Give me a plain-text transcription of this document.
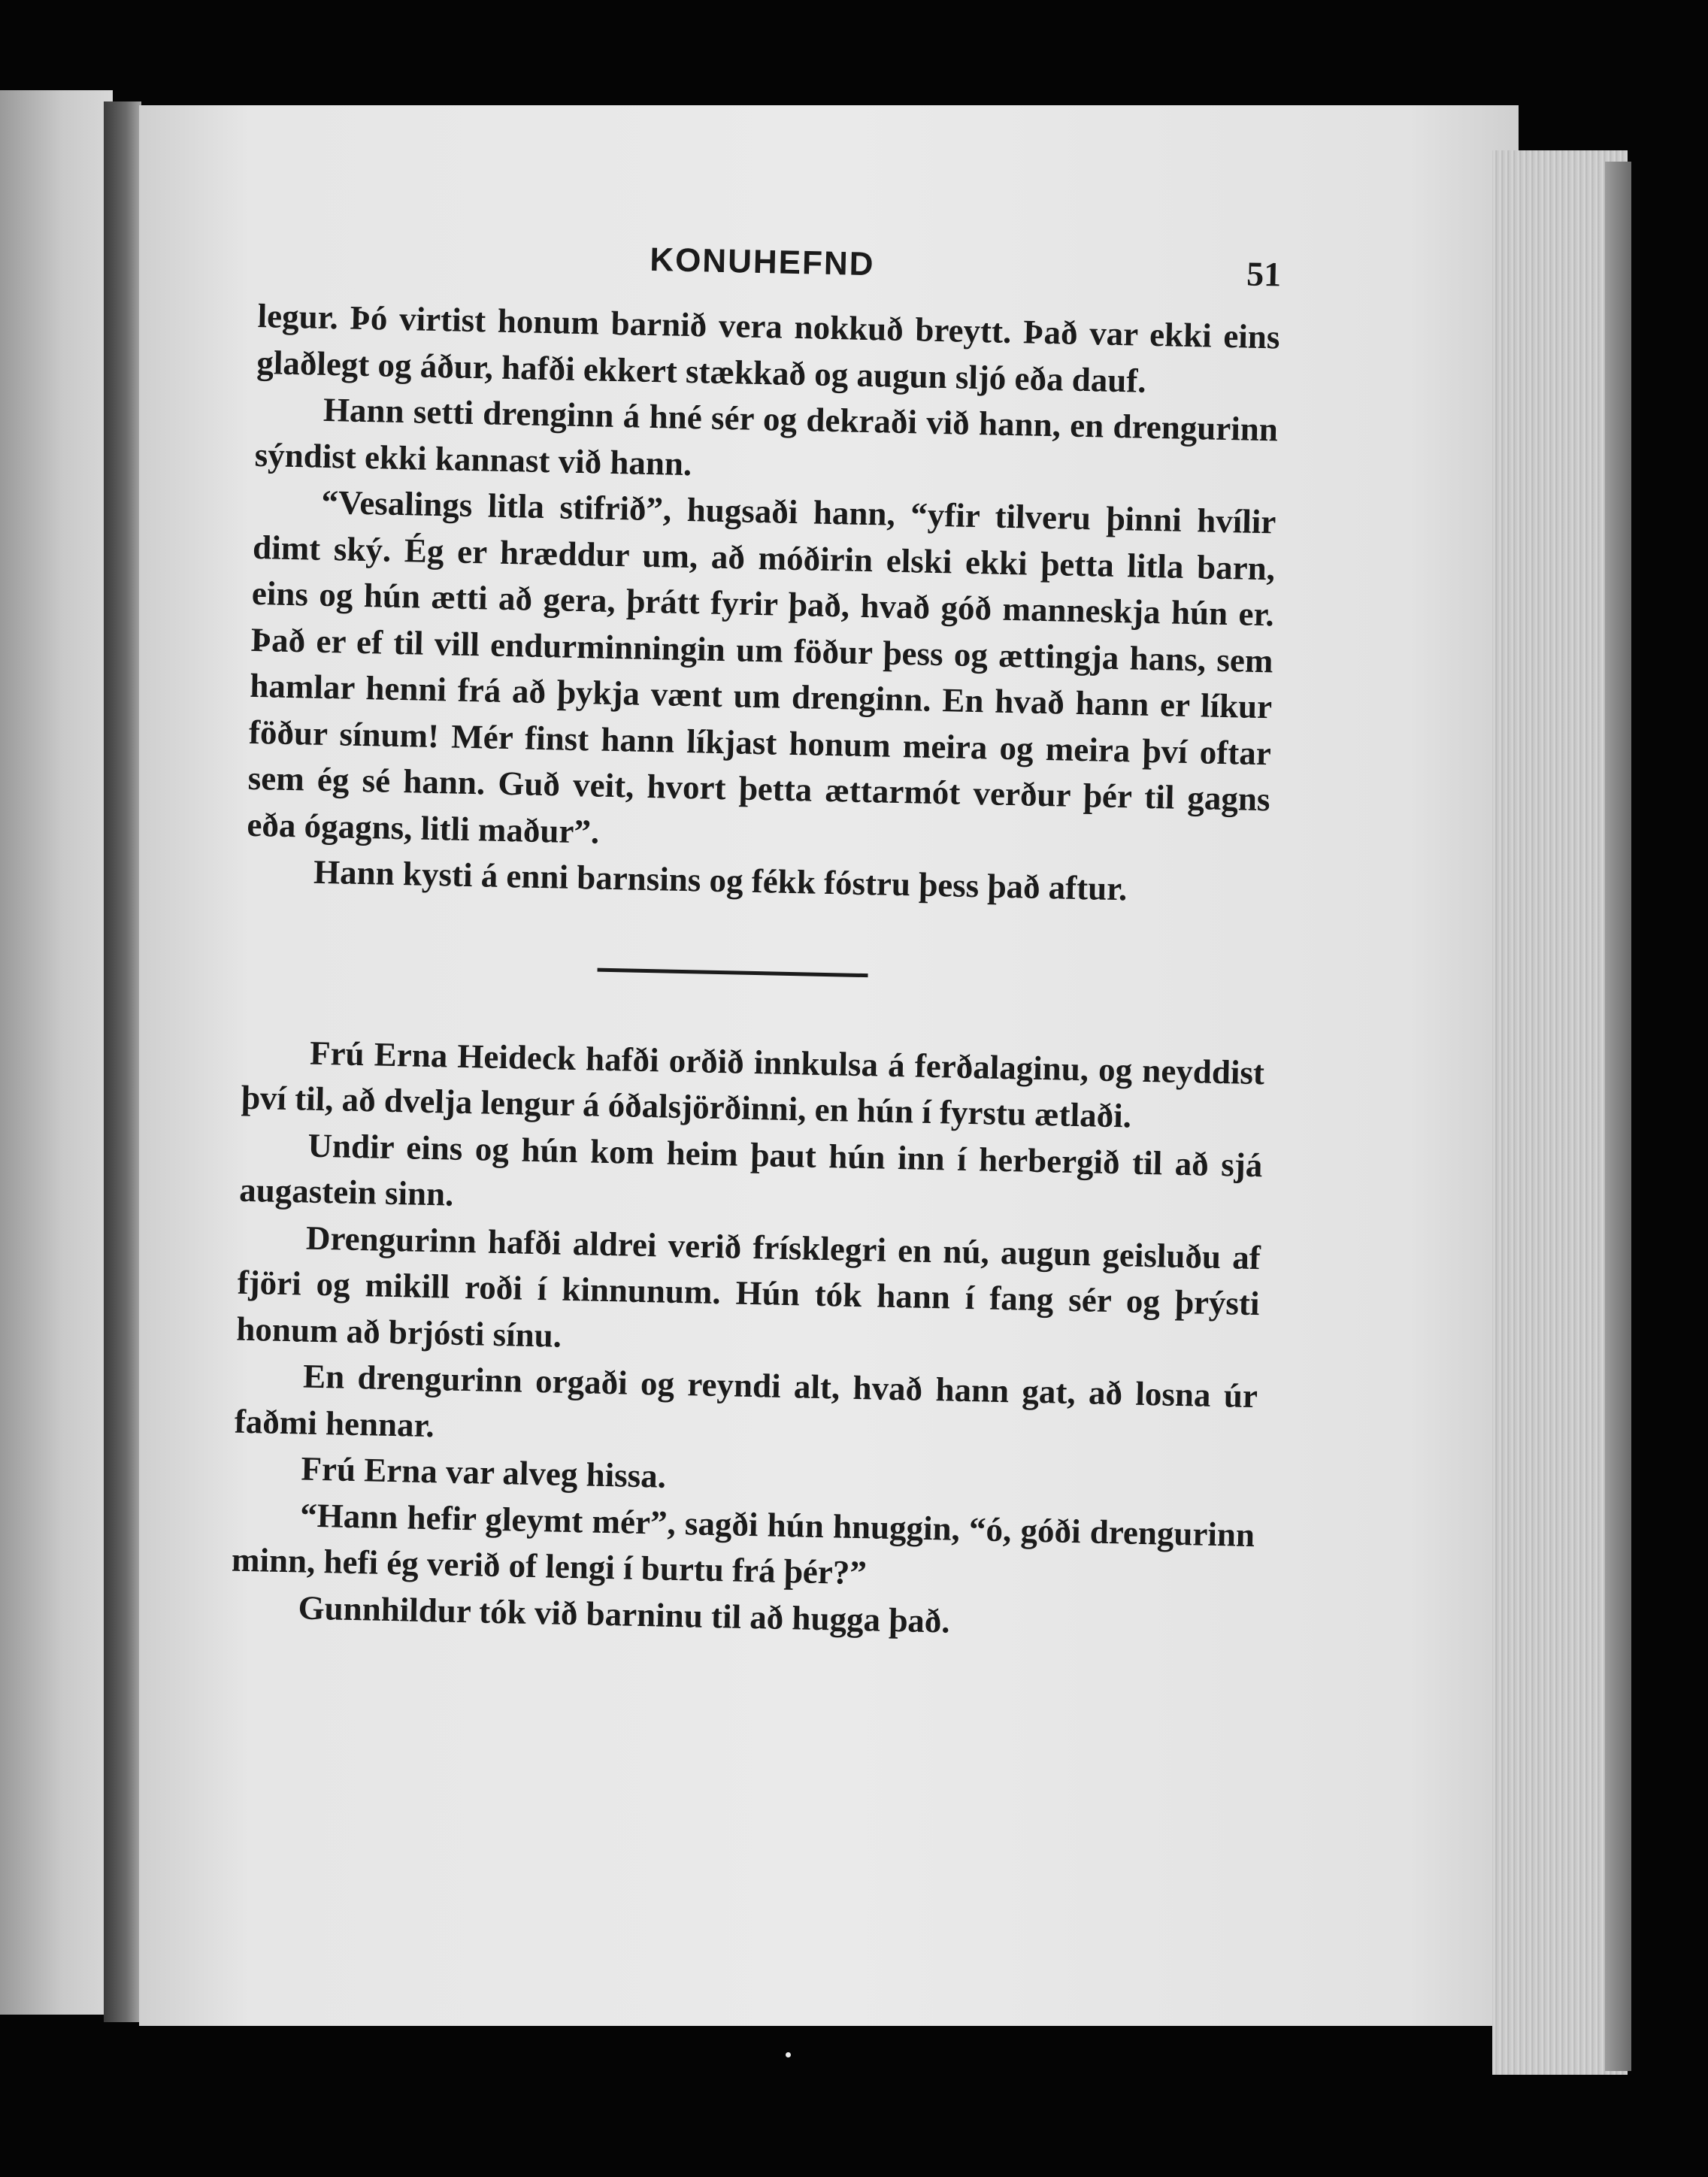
KONUHEFND	51

legur. Þó virtist honum barnið vera nokkuð breytt. Það var ekki eins glaðlegt og áður, hafði ekkert stækkað og augun sljó eða dauf.

Hann setti drenginn á hné sér og dekraði við hann, en drengurinn sýndist ekki kannast við hann.

“Vesalings litla stifrið”, hugsaði hann, “yfir tilveru þinni hvílir dimt ský. Ég er hræddur um, að móðirin elski ekki þetta litla barn, eins og hún ætti að gera, þrátt fyrir það, hvað góð manneskja hún er. Það er ef til vill endurminningin um föður þess og ættingja hans, sem hamlar henni frá að þykja vænt um drenginn. En hvað hann er líkur föður sínum! Mér finst hann líkjast honum meira og meira því oftar sem ég sé hann. Guð veit, hvort þetta ættarmót verður þér til gagns eða ógagns, litli maður”.

Hann kysti á enni barnsins og fékk fóstru þess það aftur.

Frú Erna Heideck hafði orðið innkulsa á ferðalaginu, og neyddist því til, að dvelja lengur á óðalsjörðinni, en hún í fyrstu ætlaði.

Undir eins og hún kom heim þaut hún inn í herbergið til að sjá augastein sinn.

Drengurinn hafði aldrei verið frísklegri en nú, augun geisluðu af fjöri og mikill roði í kinnunum. Hún tók hann í fang sér og þrýsti honum að brjósti sínu.

En drengurinn orgaði og reyndi alt, hvað hann gat, að losna úr faðmi hennar.

Frú Erna var alveg hissa.

“Hann hefir gleymt mér”, sagði hún hnuggin, “ó, góði drengurinn minn, hefi ég verið of lengi í burtu frá þér?”

Gunnhildur tók við barninu til að hugga það.
